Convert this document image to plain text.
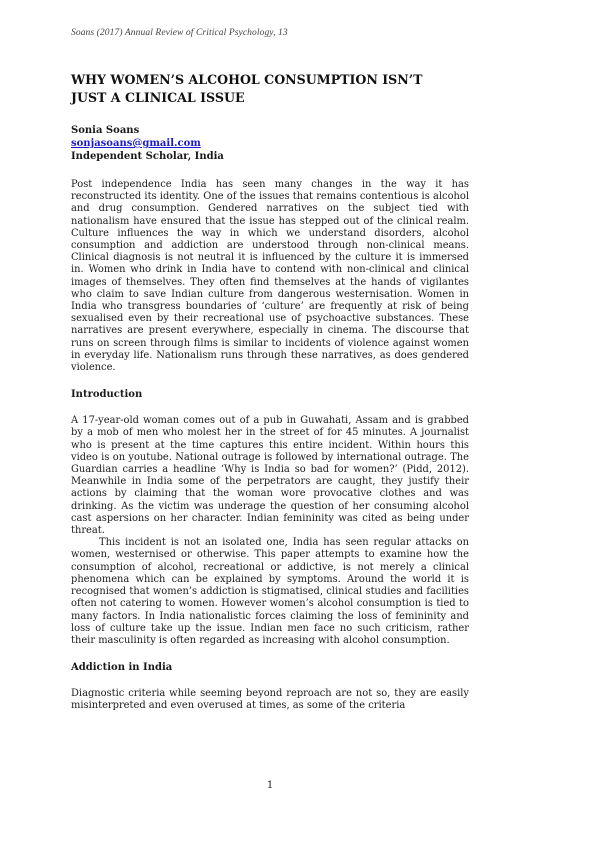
Soans (2017) Annual Review of Critical Psychology, 13
WHY WOMEN’S ALCOHOL CONSUMPTION ISN’T
JUST A CLINICAL ISSUE
Sonia Soans
sonjasoans@gmail.com
Independent Scholar, India

Post independence India has seen many changes in the way it has reconstructed its identity. One of the issues that remains contentious is alcohol and drug consumption. Gendered narratives on the subject tied with nationalism have ensured that the issue has stepped out of the clinical realm. Culture influences the way in which we understand disorders, alcohol consumption and addiction are understood through non-clinical means. Clinical diagnosis is not neutral it is influenced by the culture it is immersed in. Women who drink in India have to contend with non-clinical and clinical images of themselves. They often find themselves at the hands of vigilantes who claim to save Indian culture from dangerous westernisation. Women in India who transgress boundaries of ‘culture’ are frequently at risk of being sexualised even by their recreational use of psychoactive substances. These narratives are present everywhere, especially in cinema. The discourse that runs on screen through films is similar to incidents of violence against women in everyday life. Nationalism runs through these narratives, as does gendered violence.

Introduction

A 17-year-old woman comes out of a pub in Guwahati, Assam and is grabbed by a mob of men who molest her in the street of for 45 minutes. A journalist who is present at the time captures this entire incident. Within hours this video is on youtube. National outrage is followed by international outrage. The Guardian carries a headline ‘Why is India so bad for women?’ (Pidd, 2012). Meanwhile in India some of the perpetrators are caught, they justify their actions by claiming that the woman wore provocative clothes and was drinking. As the victim was underage the question of her consuming alcohol cast aspersions on her character. Indian femininity was cited as being under threat.

This incident is not an isolated one, India has seen regular attacks on women, westernised or otherwise. This paper attempts to examine how the consumption of alcohol, recreational or addictive, is not merely a clinical phenomena which can be explained by symptoms. Around the world it is recognised that women’s addiction is stigmatised, clinical studies and facilities often not catering to women. However women’s alcohol consumption is tied to many factors. In India nationalistic forces claiming the loss of femininity and loss of culture take up the issue. Indian men face no such criticism, rather their masculinity is often regarded as increasing with alcohol consumption.

Addiction in India

Diagnostic criteria while seeming beyond reproach are not so, they are easily misinterpreted and even overused at times, as some of the criteria

1
